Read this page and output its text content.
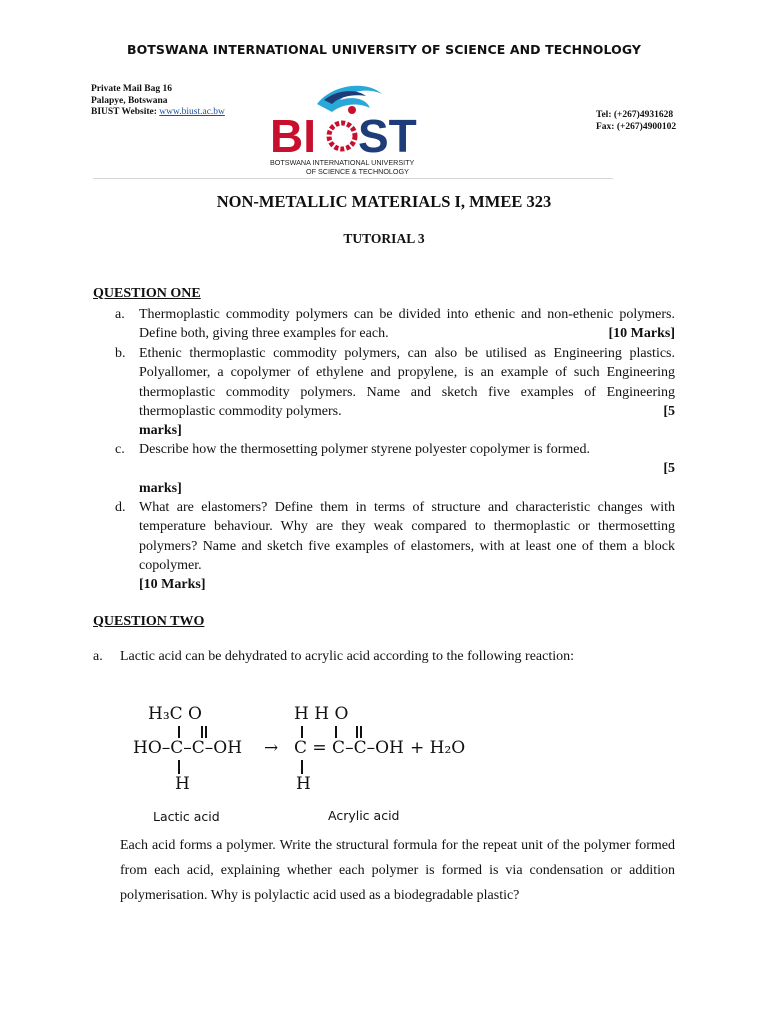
BOTSWANA INTERNATIONAL UNIVERSITY OF SCIENCE AND TECHNOLOGY
Private Mail Bag 16
Palapye, Botswana
BIUST Website: www.biust.ac.bw BI ST
BOTSWANA INTERNATIONAL UNIVERSITY
OF SCIENCE & TECHNOLOGY
Tel: (+267)4931628
Fax: (+267)4900102
NON-METALLIC MATERIALS I, MMEE 323
TUTORIAL 3
QUESTION ONE
a. Thermoplastic commodity polymers can be divided into ethenic and non-ethenic polymers. Define both, giving three examples for each.	[10 Marks]
b. Ethenic thermoplastic commodity polymers, can also be utilised as Engineering plastics. Polyallomer, a copolymer of ethylene and propylene, is an example of such Engineering thermoplastic commodity polymers. Name and sketch five examples of Engineering thermoplastic commodity polymers.	[5

marks]
c. Describe how the thermosetting polymer styrene polyester copolymer is formed.

[5

marks]
d. What are elastomers? Define them in terms of structure and characteristic changes with temperature behaviour. Why are they weak compared to thermoplastic or thermosetting polymers? Name and sketch five examples of elastomers, with at least one of them a block copolymer.
[10 Marks]
QUESTION TWO
a. Lactic acid can be dehydrated to acrylic acid according to the following reaction:
H₃C O
HO–C–C–OH
H
→
H H O
C = C–C–OH
H
+ H₂O
Lactic acid	Acrylic acid
Each acid forms a polymer. Write the structural formula for the repeat unit of the polymer formed from each acid, explaining whether each polymer is formed is via condensation or addition polymerisation. Why is polylactic acid used as a biodegradable plastic?
